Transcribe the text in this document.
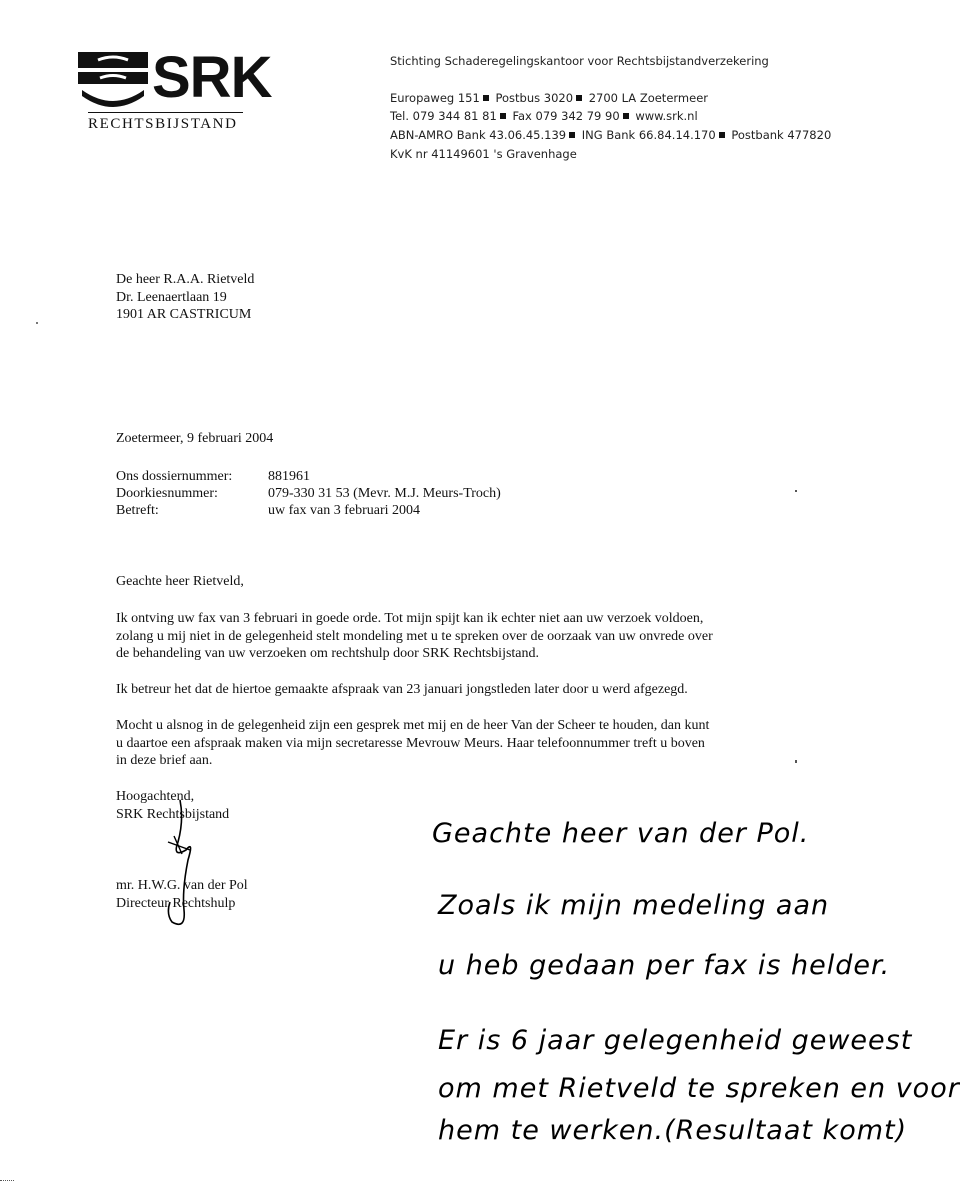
SRK
RECHTSBIJSTAND
Stichting Schaderegelingskantoor voor Rechtsbijstandverzekering
Europaweg 151 Postbus 3020 2700 LA Zoetermeer
Tel. 079 344 81 81 Fax 079 342 79 90 www.srk.nl
ABN-AMRO Bank 43.06.45.139 ING Bank 66.84.14.170 Postbank 477820
KvK nr 41149601 's Gravenhage
De heer R.A.A. Rietveld
Dr. Leenaertlaan 19
1901 AR CASTRICUM
Zoetermeer, 9 februari 2004
Ons dossiernummer:	881961
Doorkiesnummer:	079-330 31 53 (Mevr. M.J. Meurs-Troch)
Betreft:	uw fax van 3 februari 2004
Geachte heer Rietveld,
Ik ontving uw fax van 3 februari in goede orde. Tot mijn spijt kan ik echter niet aan uw verzoek voldoen,
zolang u mij niet in de gelegenheid stelt mondeling met u te spreken over de oorzaak van uw onvrede over
de behandeling van uw verzoeken om rechtshulp door SRK Rechtsbijstand.
Ik betreur het dat de hiertoe gemaakte afspraak van 23 januari jongstleden later door u werd afgezegd.
Mocht u alsnog in de gelegenheid zijn een gesprek met mij en de heer Van der Scheer te houden, dan kunt
u daartoe een afspraak maken via mijn secretaresse Mevrouw Meurs. Haar telefoonnummer treft u boven
in deze brief aan.
Hoogachtend,
SRK Rechtsbijstand
mr. H.W.G. van der Pol
Directeur Rechtshulp
Geachte heer van der Pol.
Zoals ik mijn medeling aan
u heb gedaan per fax is helder.
Er is 6 jaar gelegenheid geweest
om met Rietveld te spreken en voor
hem te werken.(Resultaat komt)
